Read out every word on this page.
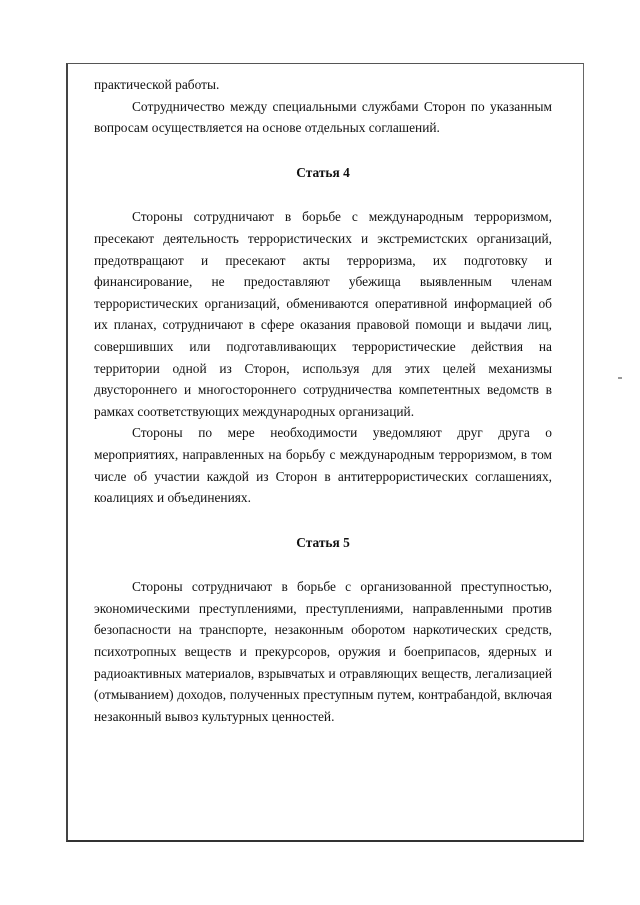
практической работы.

Сотрудничество между специальными службами Сторон по указанным вопросам осуществляется на основе отдельных соглашений.

Статья 4

Стороны сотрудничают в борьбе с международным терроризмом, пресекают деятельность террористических и экстремистских организаций, предотвращают и пресекают акты терроризма, их подготовку и финансирование, не предоставляют убежища выявленным членам террористических организаций, обмениваются оперативной информацией об их планах, сотрудничают в сфере оказания правовой помощи и выдачи лиц, совершивших или подготавливающих террористические действия на территории одной из Сторон, используя для этих целей механизмы двустороннего и многостороннего сотрудничества компетентных ведомств в рамках соответствующих международных организаций.

Стороны по мере необходимости уведомляют друг друга о мероприятиях, направленных на борьбу с международным терроризмом, в том числе об участии каждой из Сторон в антитеррористических соглашениях, коалициях и объединениях.

Статья 5

Стороны сотрудничают в борьбе с организованной преступностью, экономическими преступлениями, преступлениями, направленными против безопасности на транспорте, незаконным оборотом наркотических средств, психотропных веществ и прекурсоров, оружия и боеприпасов, ядерных и радиоактивных материалов, взрывчатых и отравляющих веществ, легализацией (отмыванием) доходов, полученных преступным путем, контрабандой, включая незаконный вывоз культурных ценностей.
